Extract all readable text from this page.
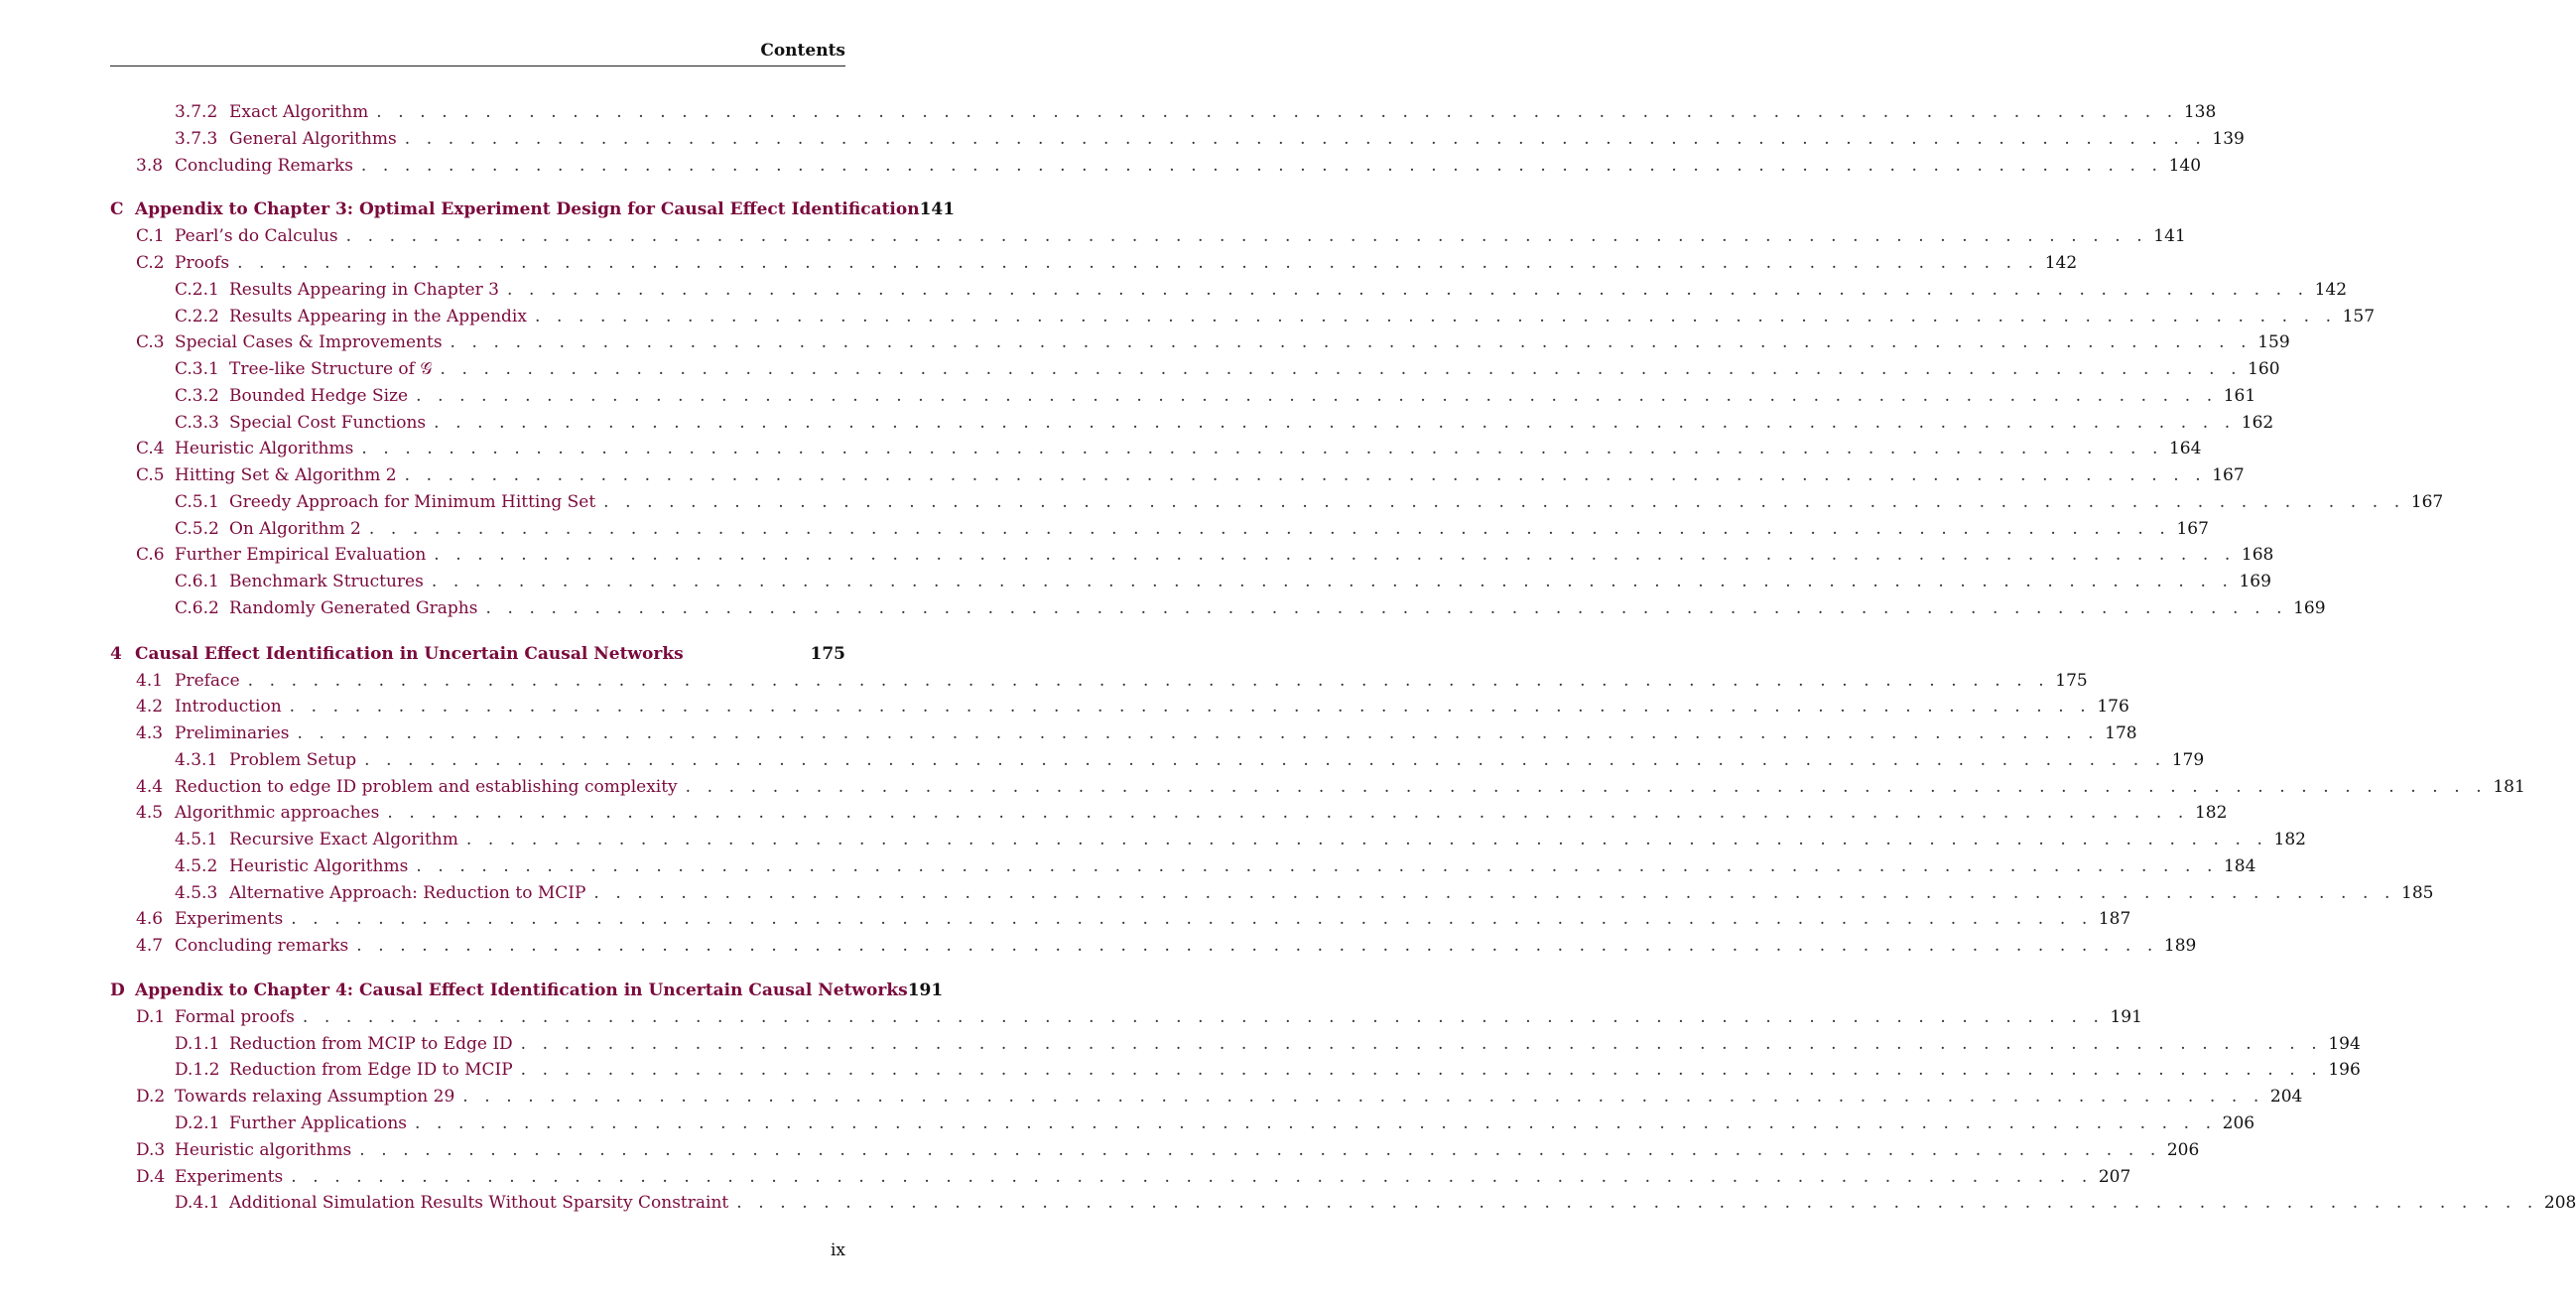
Contents
3.7.2 Exact Algorithm . . . . . . . . . . . . . . . . . . . . . . . . . . . . . . . . . . . . . . . . . . . . . . . . . . . . . . . . . . . . . . . . . . . . . . . . . . . . . . . . . . . 138
3.7.3 General Algorithms . . . . . . . . . . . . . . . . . . . . . . . . . . . . . . . . . . . . . . . . . . . . . . . . . . . . . . . . . . . . . . . . . . . . . . . . . . . . . . . . . . . 139
3.8 Concluding Remarks . . . . . . . . . . . . . . . . . . . . . . . . . . . . . . . . . . . . . . . . . . . . . . . . . . . . . . . . . . . . . . . . . . . . . . . . . . . . . . . . . . . 140
C Appendix to Chapter 3: Optimal Experiment Design for Causal Effect Identification 141
C.1 Pearl’s do Calculus . . . . . . . . . . . . . . . . . . . . . . . . . . . . . . . . . . . . . . . . . . . . . . . . . . . . . . . . . . . . . . . . . . . . . . . . . . . . . . . . . . . 141
C.2 Proofs . . . . . . . . . . . . . . . . . . . . . . . . . . . . . . . . . . . . . . . . . . . . . . . . . . . . . . . . . . . . . . . . . . . . . . . . . . . . . . . . . . . 142
C.2.1 Results Appearing in Chapter 3 . . . . . . . . . . . . . . . . . . . . . . . . . . . . . . . . . . . . . . . . . . . . . . . . . . . . . . . . . . . . . . . . . . . . . . . . . . . . . . . . . . . 142
C.2.2 Results Appearing in the Appendix . . . . . . . . . . . . . . . . . . . . . . . . . . . . . . . . . . . . . . . . . . . . . . . . . . . . . . . . . . . . . . . . . . . . . . . . . . . . . . . . . . . 157
C.3 Special Cases & Improvements . . . . . . . . . . . . . . . . . . . . . . . . . . . . . . . . . . . . . . . . . . . . . . . . . . . . . . . . . . . . . . . . . . . . . . . . . . . . . . . . . . . 159
C.3.1 Tree-like Structure of 𝒢 . . . . . . . . . . . . . . . . . . . . . . . . . . . . . . . . . . . . . . . . . . . . . . . . . . . . . . . . . . . . . . . . . . . . . . . . . . . . . . . . . . . 160
C.3.2 Bounded Hedge Size . . . . . . . . . . . . . . . . . . . . . . . . . . . . . . . . . . . . . . . . . . . . . . . . . . . . . . . . . . . . . . . . . . . . . . . . . . . . . . . . . . . 161
C.3.3 Special Cost Functions . . . . . . . . . . . . . . . . . . . . . . . . . . . . . . . . . . . . . . . . . . . . . . . . . . . . . . . . . . . . . . . . . . . . . . . . . . . . . . . . . . . 162
C.4 Heuristic Algorithms . . . . . . . . . . . . . . . . . . . . . . . . . . . . . . . . . . . . . . . . . . . . . . . . . . . . . . . . . . . . . . . . . . . . . . . . . . . . . . . . . . . 164
C.5 Hitting Set & Algorithm 2 . . . . . . . . . . . . . . . . . . . . . . . . . . . . . . . . . . . . . . . . . . . . . . . . . . . . . . . . . . . . . . . . . . . . . . . . . . . . . . . . . . . 167
C.5.1 Greedy Approach for Minimum Hitting Set . . . . . . . . . . . . . . . . . . . . . . . . . . . . . . . . . . . . . . . . . . . . . . . . . . . . . . . . . . . . . . . . . . . . . . . . . . . . . . . . . . . 167
C.5.2 On Algorithm 2 . . . . . . . . . . . . . . . . . . . . . . . . . . . . . . . . . . . . . . . . . . . . . . . . . . . . . . . . . . . . . . . . . . . . . . . . . . . . . . . . . . . 167
C.6 Further Empirical Evaluation . . . . . . . . . . . . . . . . . . . . . . . . . . . . . . . . . . . . . . . . . . . . . . . . . . . . . . . . . . . . . . . . . . . . . . . . . . . . . . . . . . . 168
C.6.1 Benchmark Structures . . . . . . . . . . . . . . . . . . . . . . . . . . . . . . . . . . . . . . . . . . . . . . . . . . . . . . . . . . . . . . . . . . . . . . . . . . . . . . . . . . . 169
C.6.2 Randomly Generated Graphs . . . . . . . . . . . . . . . . . . . . . . . . . . . . . . . . . . . . . . . . . . . . . . . . . . . . . . . . . . . . . . . . . . . . . . . . . . . . . . . . . . . 169
4 Causal Effect Identification in Uncertain Causal Networks	175
4.1 Preface . . . . . . . . . . . . . . . . . . . . . . . . . . . . . . . . . . . . . . . . . . . . . . . . . . . . . . . . . . . . . . . . . . . . . . . . . . . . . . . . . . . 175
4.2 Introduction . . . . . . . . . . . . . . . . . . . . . . . . . . . . . . . . . . . . . . . . . . . . . . . . . . . . . . . . . . . . . . . . . . . . . . . . . . . . . . . . . . . 176
4.3 Preliminaries . . . . . . . . . . . . . . . . . . . . . . . . . . . . . . . . . . . . . . . . . . . . . . . . . . . . . . . . . . . . . . . . . . . . . . . . . . . . . . . . . . . 178
4.3.1 Problem Setup . . . . . . . . . . . . . . . . . . . . . . . . . . . . . . . . . . . . . . . . . . . . . . . . . . . . . . . . . . . . . . . . . . . . . . . . . . . . . . . . . . . 179
4.4 Reduction to edge ID problem and establishing complexity . . . . . . . . . . . . . . . . . . . . . . . . . . . . . . . . . . . . . . . . . . . . . . . . . . . . . . . . . . . . . . . . . . . . . . . . . . . . . . . . . . . 181
4.5 Algorithmic approaches . . . . . . . . . . . . . . . . . . . . . . . . . . . . . . . . . . . . . . . . . . . . . . . . . . . . . . . . . . . . . . . . . . . . . . . . . . . . . . . . . . . 182
4.5.1 Recursive Exact Algorithm . . . . . . . . . . . . . . . . . . . . . . . . . . . . . . . . . . . . . . . . . . . . . . . . . . . . . . . . . . . . . . . . . . . . . . . . . . . . . . . . . . . 182
4.5.2 Heuristic Algorithms . . . . . . . . . . . . . . . . . . . . . . . . . . . . . . . . . . . . . . . . . . . . . . . . . . . . . . . . . . . . . . . . . . . . . . . . . . . . . . . . . . . 184
4.5.3 Alternative Approach: Reduction to MCIP . . . . . . . . . . . . . . . . . . . . . . . . . . . . . . . . . . . . . . . . . . . . . . . . . . . . . . . . . . . . . . . . . . . . . . . . . . . . . . . . . . . 185
4.6 Experiments . . . . . . . . . . . . . . . . . . . . . . . . . . . . . . . . . . . . . . . . . . . . . . . . . . . . . . . . . . . . . . . . . . . . . . . . . . . . . . . . . . . 187
4.7 Concluding remarks . . . . . . . . . . . . . . . . . . . . . . . . . . . . . . . . . . . . . . . . . . . . . . . . . . . . . . . . . . . . . . . . . . . . . . . . . . . . . . . . . . . 189
D Appendix to Chapter 4: Causal Effect Identification in Uncertain Causal Networks 191
D.1 Formal proofs . . . . . . . . . . . . . . . . . . . . . . . . . . . . . . . . . . . . . . . . . . . . . . . . . . . . . . . . . . . . . . . . . . . . . . . . . . . . . . . . . . . 191
D.1.1 Reduction from MCIP to Edge ID . . . . . . . . . . . . . . . . . . . . . . . . . . . . . . . . . . . . . . . . . . . . . . . . . . . . . . . . . . . . . . . . . . . . . . . . . . . . . . . . . . . 194
D.1.2 Reduction from Edge ID to MCIP . . . . . . . . . . . . . . . . . . . . . . . . . . . . . . . . . . . . . . . . . . . . . . . . . . . . . . . . . . . . . . . . . . . . . . . . . . . . . . . . . . . 196
D.2 Towards relaxing Assumption 29 . . . . . . . . . . . . . . . . . . . . . . . . . . . . . . . . . . . . . . . . . . . . . . . . . . . . . . . . . . . . . . . . . . . . . . . . . . . . . . . . . . . 204
D.2.1 Further Applications . . . . . . . . . . . . . . . . . . . . . . . . . . . . . . . . . . . . . . . . . . . . . . . . . . . . . . . . . . . . . . . . . . . . . . . . . . . . . . . . . . . 206
D.3 Heuristic algorithms . . . . . . . . . . . . . . . . . . . . . . . . . . . . . . . . . . . . . . . . . . . . . . . . . . . . . . . . . . . . . . . . . . . . . . . . . . . . . . . . . . . 206
D.4 Experiments . . . . . . . . . . . . . . . . . . . . . . . . . . . . . . . . . . . . . . . . . . . . . . . . . . . . . . . . . . . . . . . . . . . . . . . . . . . . . . . . . . . 207
D.4.1 Additional Simulation Results Without Sparsity Constraint . . . . . . . . . . . . . . . . . . . . . . . . . . . . . . . . . . . . . . . . . . . . . . . . . . . . . . . . . . . . . . . . . . . . . . . . . . . . . . . . . . . 208
ix
